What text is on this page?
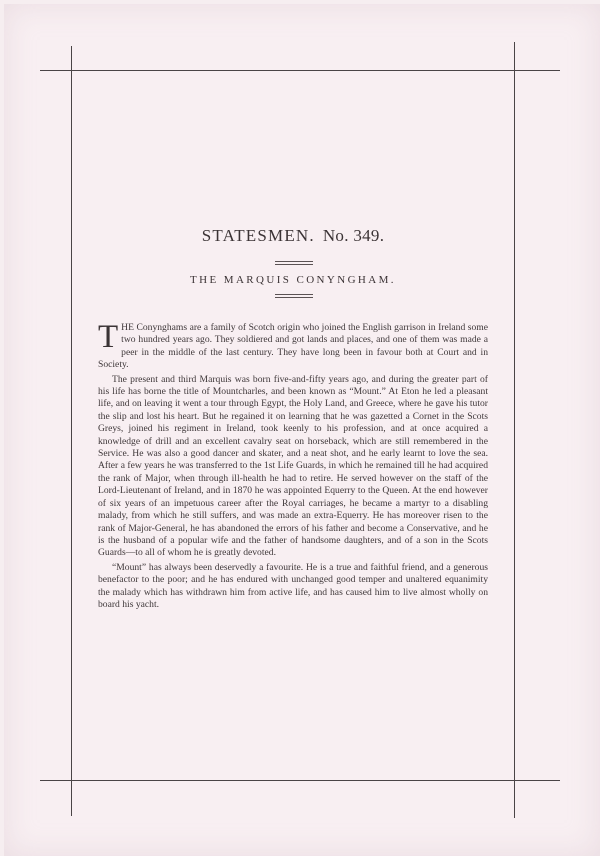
STATESMEN. No. 349.
THE MARQUIS CONYNGHAM.

THE Conynghams are a family of Scotch origin who joined the English garrison in Ireland some two hundred years ago. They soldiered and got lands and places, and one of them was made a peer in the middle of the last century. They have long been in favour both at Court and in Society.

The present and third Marquis was born five-and-fifty years ago, and during the greater part of his life has borne the title of Mountcharles, and been known as “Mount.” At Eton he led a pleasant life, and on leaving it went a tour through Egypt, the Holy Land, and Greece, where he gave his tutor the slip and lost his heart. But he regained it on learning that he was gazetted a Cornet in the Scots Greys, joined his regiment in Ireland, took keenly to his profession, and at once acquired a knowledge of drill and an excellent cavalry seat on horseback, which are still remembered in the Service. He was also a good dancer and skater, and a neat shot, and he early learnt to love the sea. After a few years he was transferred to the 1st Life Guards, in which he remained till he had acquired the rank of Major, when through ill-health he had to retire. He served however on the staff of the Lord-Lieutenant of Ireland, and in 1870 he was appointed Equerry to the Queen. At the end however of six years of an impetuous career after the Royal carriages, he became a martyr to a disabling malady, from which he still suffers, and was made an extra-Equerry. He has moreover risen to the rank of Major-General, he has abandoned the errors of his father and become a Conservative, and he is the husband of a popular wife and the father of handsome daughters, and of a son in the Scots Guards—to all of whom he is greatly devoted.

“Mount” has always been deservedly a favourite. He is a true and faithful friend, and a generous benefactor to the poor; and he has endured with unchanged good temper and unaltered equanimity the malady which has withdrawn him from active life, and has caused him to live almost wholly on board his yacht.
